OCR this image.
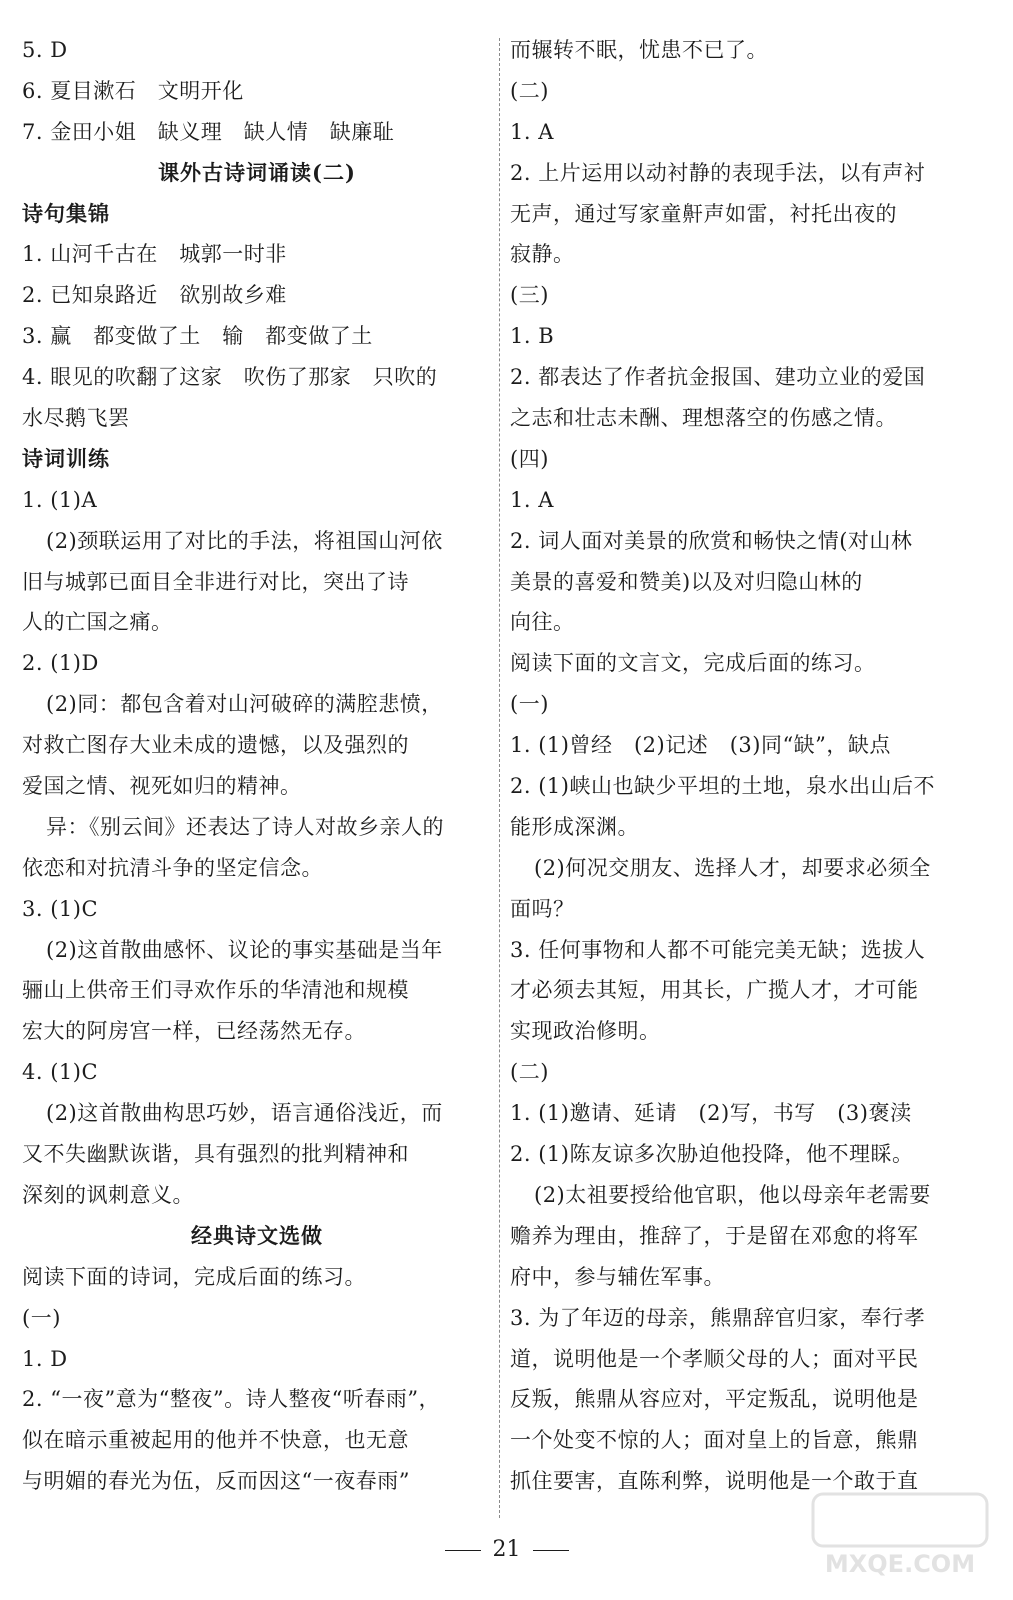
5. D
6. 夏目漱石　文明开化
7. 金田小姐　缺义理　缺人情　缺廉耻
课外古诗词诵读(二)
诗句集锦
1. 山河千古在　城郭一时非
2. 已知泉路近　欲别故乡难
3. 赢　都变做了土　输　都变做了土
4. 眼见的吹翻了这家　吹伤了那家　只吹的
水尽鹅飞罢
诗词训练
1. (1)A
(2)颈联运用了对比的手法，将祖国山河依
旧与城郭已面目全非进行对比，突出了诗
人的亡国之痛。
2. (1)D
(2)同：都包含着对山河破碎的满腔悲愤，
对救亡图存大业未成的遗憾，以及强烈的
爱国之情、视死如归的精神。
异：《别云间》还表达了诗人对故乡亲人的
依恋和对抗清斗争的坚定信念。
3. (1)C
(2)这首散曲感怀、议论的事实基础是当年
骊山上供帝王们寻欢作乐的华清池和规模
宏大的阿房宫一样，已经荡然无存。
4. (1)C
(2)这首散曲构思巧妙，语言通俗浅近，而
又不失幽默诙谐，具有强烈的批判精神和
深刻的讽刺意义。
经典诗文选做
阅读下面的诗词，完成后面的练习。
(一)
1. D
2. “一夜”意为“整夜”。诗人整夜“听春雨”，
似在暗示重被起用的他并不快意，也无意
与明媚的春光为伍，反而因这“一夜春雨”
而辗转不眠，忧患不已了。
(二)
1. A
2. 上片运用以动衬静的表现手法，以有声衬
无声，通过写家童鼾声如雷，衬托出夜的
寂静。
(三)
1. B
2. 都表达了作者抗金报国、建功立业的爱国
之志和壮志未酬、理想落空的伤感之情。
(四)
1. A
2. 词人面对美景的欣赏和畅快之情(对山林
美景的喜爱和赞美)以及对归隐山林的
向往。
阅读下面的文言文，完成后面的练习。
(一)
1. (1)曾经　(2)记述　(3)同“缺”，缺点
2. (1)峡山也缺少平坦的土地，泉水出山后不
能形成深渊。
(2)何况交朋友、选择人才，却要求必须全
面吗？
3. 任何事物和人都不可能完美无缺；选拔人
才必须去其短，用其长，广揽人才，才可能
实现政治修明。
(二)
1. (1)邀请、延请　(2)写，书写　(3)褒渎
2. (1)陈友谅多次胁迫他投降，他不理睬。
(2)太祖要授给他官职，他以母亲年老需要
赡养为理由，推辞了，于是留在邓愈的将军
府中，参与辅佐军事。
3. 为了年迈的母亲，熊鼎辞官归家，奉行孝
道，说明他是一个孝顺父母的人；面对平民
反叛，熊鼎从容应对，平定叛乱，说明他是
一个处变不惊的人；面对皇上的旨意，熊鼎
抓住要害，直陈利弊，说明他是一个敢于直
21
MXQE.COM
